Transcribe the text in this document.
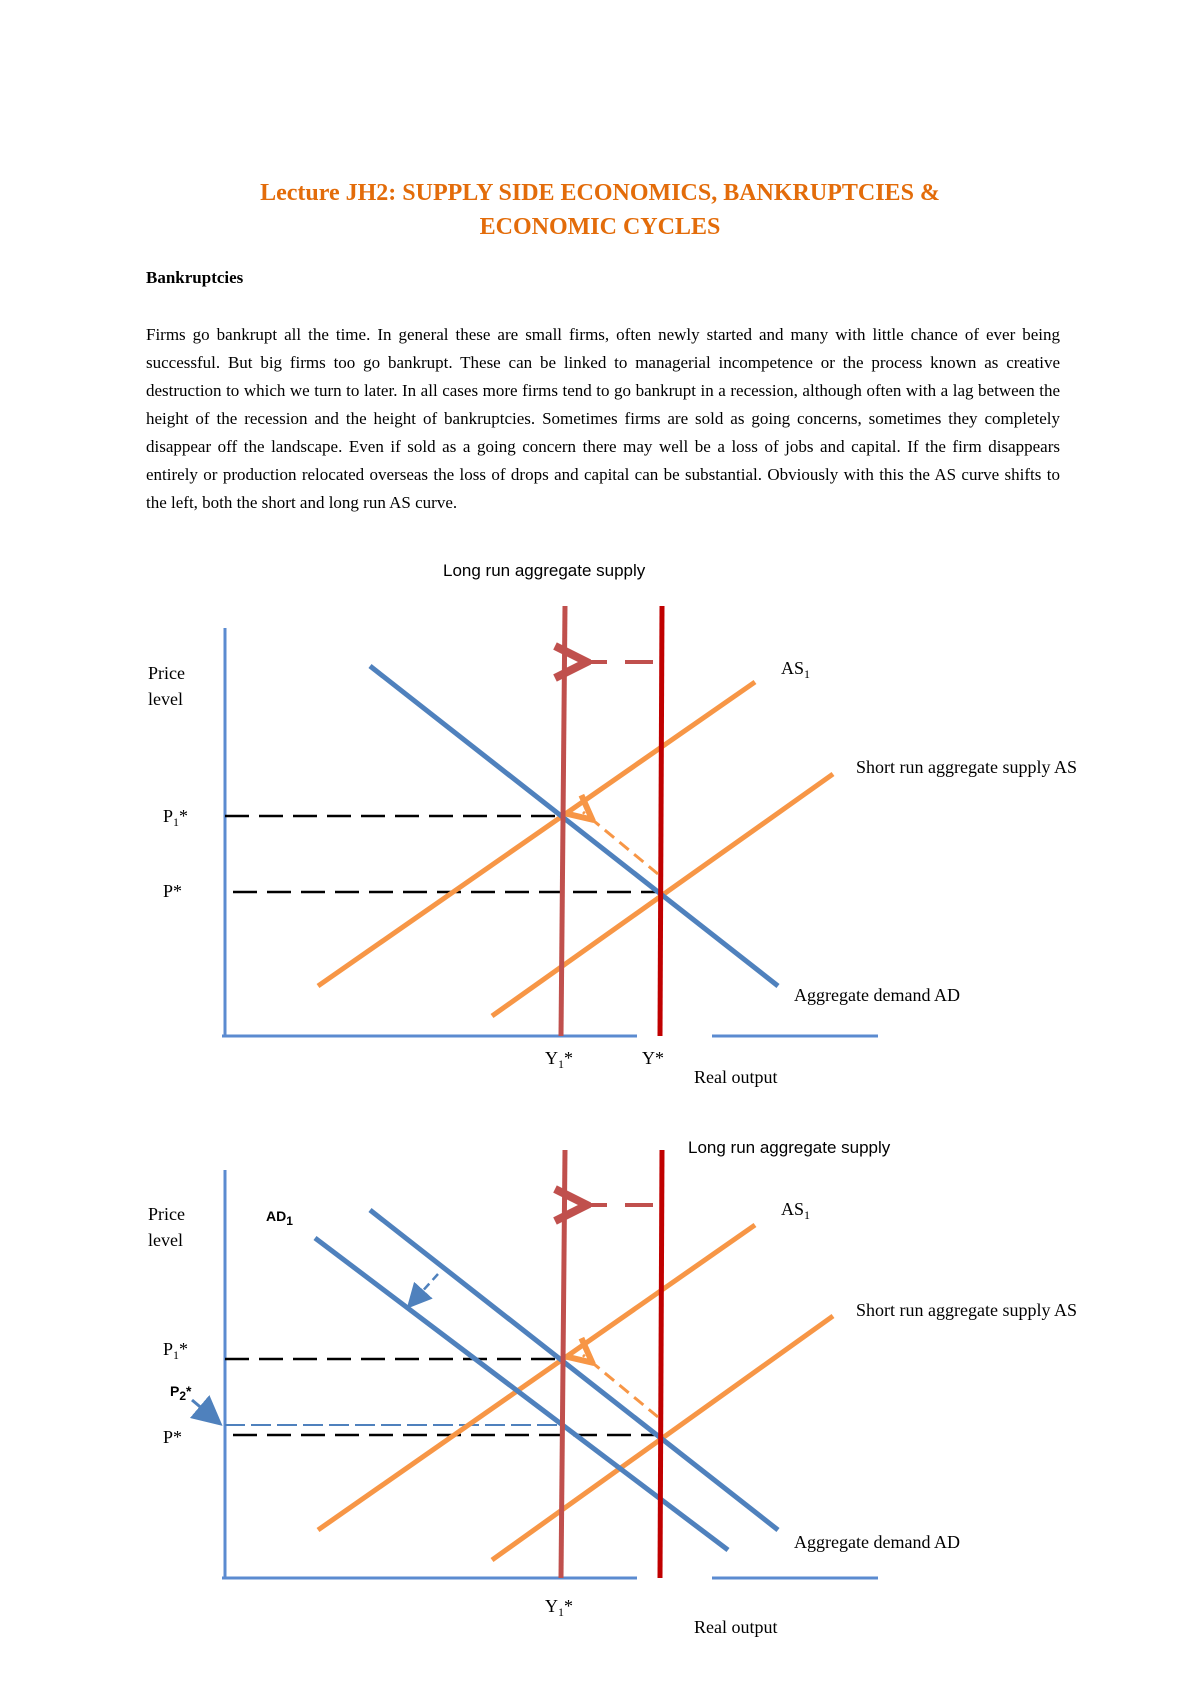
Lecture JH2: SUPPLY SIDE ECONOMICS, BANKRUPTCIES &
ECONOMIC CYCLES
Bankruptcies
Firms go bankrupt all the time. In general these are small firms, often newly started and many with little chance of ever being successful. But big firms too go bankrupt. These can be linked to managerial incompetence or the process known as creative destruction to which we turn to later. In all cases more firms tend to go bankrupt in a recession, although often with a lag between the height of the recession and the height of bankruptcies. Sometimes firms are sold as going concerns, sometimes they completely disappear off the landscape. Even if sold as a going concern there may well be a loss of jobs and capital. If the firm disappears entirely or production relocated overseas the loss of drops and capital can be substantial. Obviously with this the AS curve shifts to the left, both the short and long run AS curve.
Long run aggregate supply
Price
level
$P_1*$
P*
$AS_1$
Short run aggregate supply AS
Aggregate demand AD
$Y_1*$	Y*
Real output
Long run aggregate supply
Price
level
$P_1*$
P2*
P*
AD1
$AS_1$
Short run aggregate supply AS
Aggregate demand AD
$Y_1*$
Real output
